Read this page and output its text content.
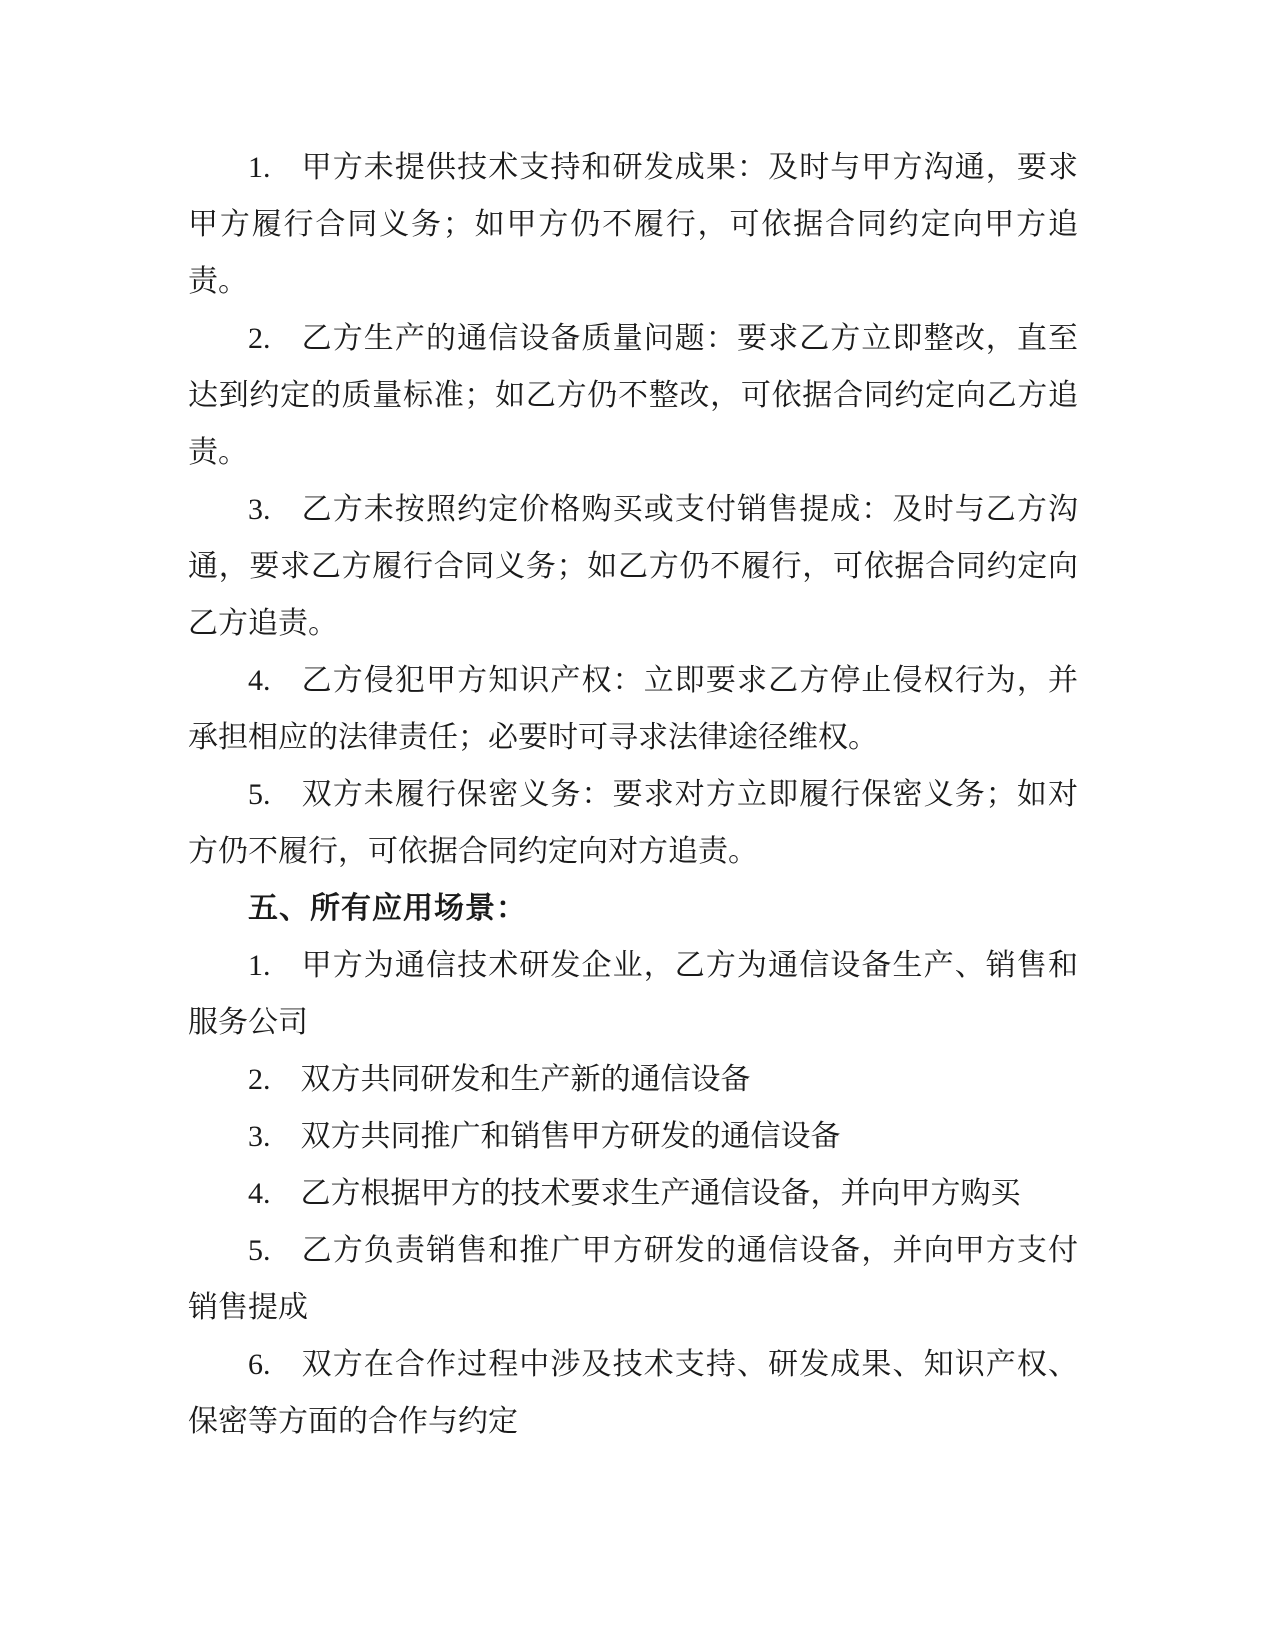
1. 甲方未提供技术支持和研发成果：及时与甲方沟通，要求甲方履行合同义务；如甲方仍不履行，可依据合同约定向甲方追责。
2. 乙方生产的通信设备质量问题：要求乙方立即整改，直至达到约定的质量标准；如乙方仍不整改，可依据合同约定向乙方追责。
3. 乙方未按照约定价格购买或支付销售提成：及时与乙方沟通，要求乙方履行合同义务；如乙方仍不履行，可依据合同约定向乙方追责。
4. 乙方侵犯甲方知识产权：立即要求乙方停止侵权行为，并承担相应的法律责任；必要时可寻求法律途径维权。
5. 双方未履行保密义务：要求对方立即履行保密义务；如对方仍不履行，可依据合同约定向对方追责。
五、所有应用场景：
1. 甲方为通信技术研发企业，乙方为通信设备生产、销售和服务公司
2. 双方共同研发和生产新的通信设备
3. 双方共同推广和销售甲方研发的通信设备
4. 乙方根据甲方的技术要求生产通信设备，并向甲方购买
5. 乙方负责销售和推广甲方研发的通信设备，并向甲方支付销售提成
6. 双方在合作过程中涉及技术支持、研发成果、知识产权、保密等方面的合作与约定
